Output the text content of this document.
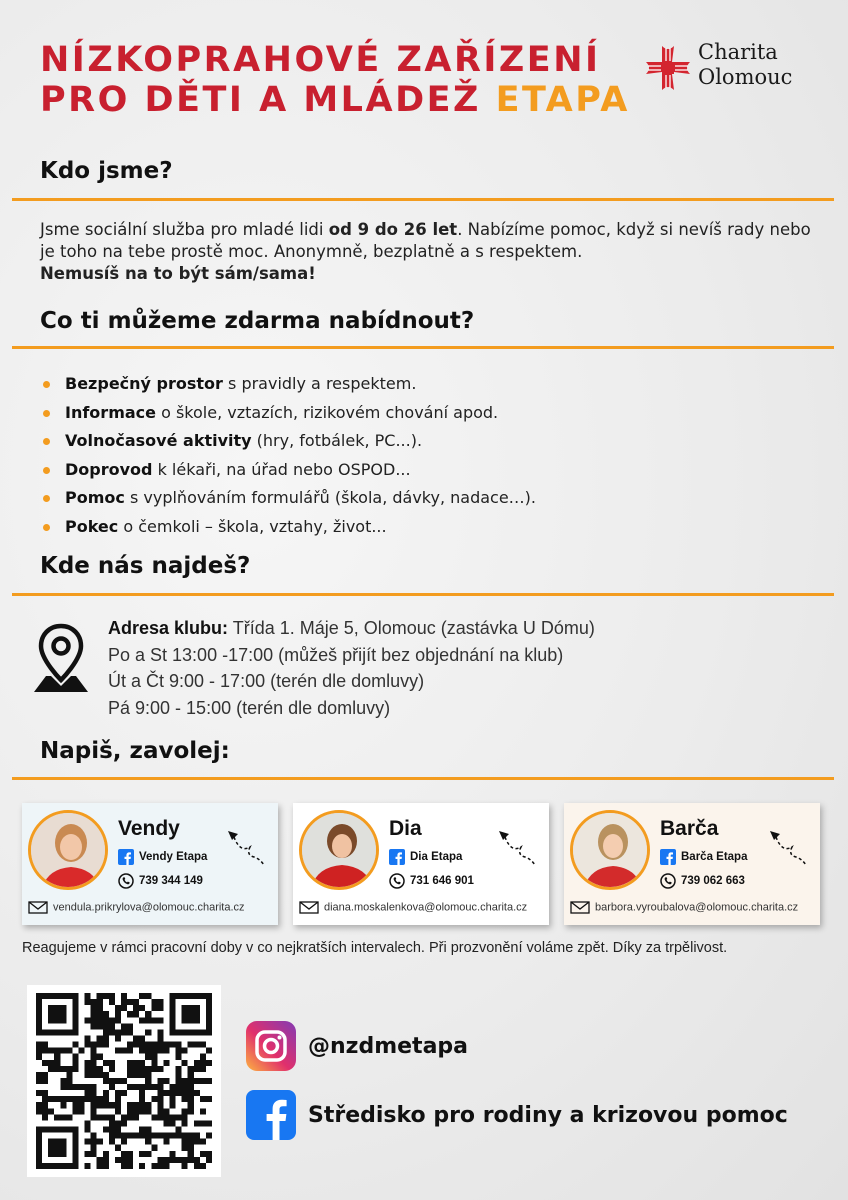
NÍZKOPRAHOVÉ ZAŘÍZENÍ
PRO DĚTI A MLÁDEŽ ETAPA
Charita
Olomouc
Kdo jsme?
Jsme sociální služba pro mladé lidi od 9 do 26 let. Nabízíme pomoc, když si nevíš rady nebo je toho na tebe prostě moc. Anonymně, bezplatně a s respektem.
Nemusíš na to být sám/sama!
Co ti můžeme zdarma nabídnout?
Bezpečný prostor s pravidly a respektem.
Informace o škole, vztazích, rizikovém chování apod.
Volnočasové aktivity (hry, fotbálek, PC...).
Doprovod k lékaři, na úřad nebo OSPOD...
Pomoc s vyplňováním formulářů (škola, dávky, nadace…).
Pokec o čemkoli – škola, vztahy, život...
Kde nás najdeš?
Adresa klubu: Třída 1. Máje 5, Olomouc (zastávka U Dómu)
Po a St 13:00 -17:00 (můžeš přijít bez objednání na klub)
Út a Čt 9:00 - 17:00 (terén dle domluvy)
Pá 9:00 - 15:00 (terén dle domluvy)
Napiš, zavolej:
Vendy
Vendy Etapa
739 344 149
vendula.prikrylova@olomouc.charita.cz
Dia
Dia Etapa
731 646 901
diana.moskalenkova@olomouc.charita.cz
Barča
Barča Etapa
739 062 663
barbora.vyroubalova@olomouc.charita.cz
Reagujeme v rámci pracovní doby v co nejkratších intervalech. Při prozvonění voláme zpět. Díky za trpělivost.
@nzdmetapa
Středisko pro rodiny a krizovou pomoc
